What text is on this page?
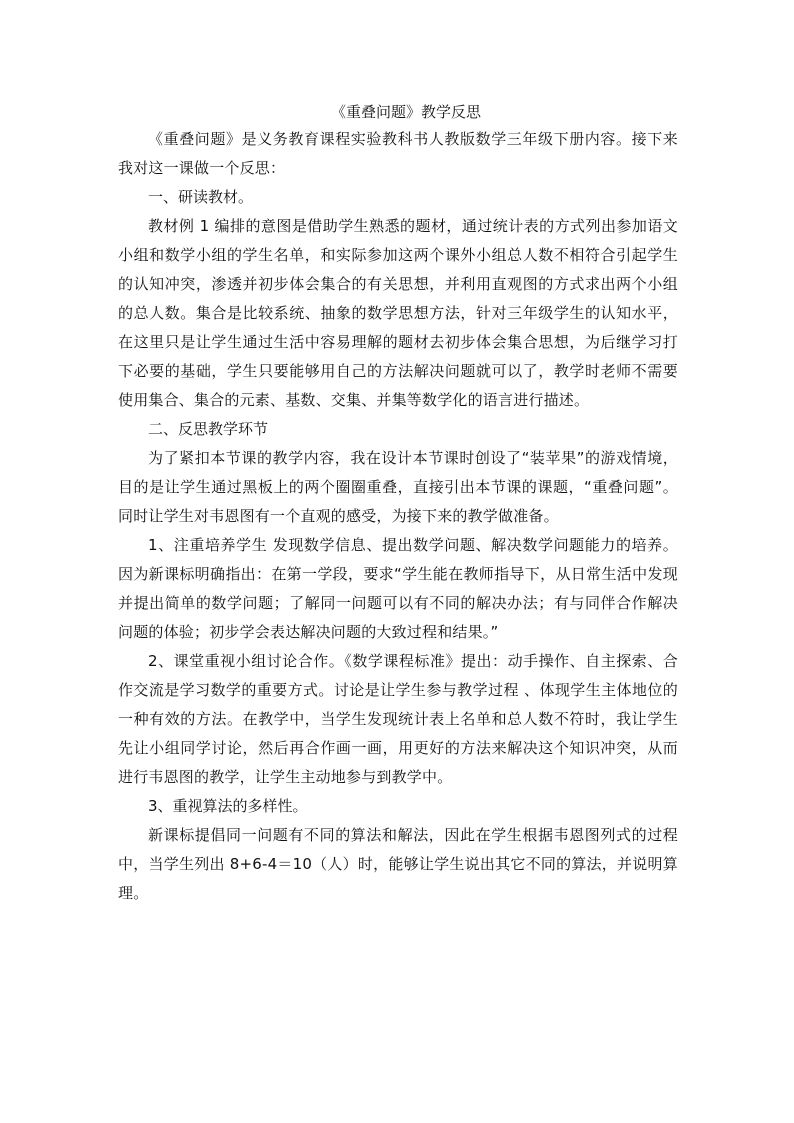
《重叠问题》教学反思

《重叠问题》是义务教育课程实验教科书人教版数学三年级下册内容。接下来我对这一课做一个反思：

一、研读教材。

教材例 1 编排的意图是借助学生熟悉的题材，通过统计表的方式列出参加语文小组和数学小组的学生名单，和实际参加这两个课外小组总人数不相符合引起学生的认知冲突，渗透并初步体会集合的有关思想，并利用直观图的方式求出两个小组的总人数。集合是比较系统、抽象的数学思想方法，针对三年级学生的认知水平，在这里只是让学生通过生活中容易理解的题材去初步体会集合思想，为后继学习打下必要的基础，学生只要能够用自己的方法解决问题就可以了，教学时老师不需要使用集合、集合的元素、基数、交集、并集等数学化的语言进行描述。

二、反思教学环节

为了紧扣本节课的教学内容，我在设计本节课时创设了“装苹果”的游戏情境，目的是让学生通过黑板上的两个圈圈重叠，直接引出本节课的课题，“重叠问题”。同时让学生对韦恩图有一个直观的感受，为接下来的教学做准备。

1、注重培养学生 发现数学信息、提出数学问题、解决数学问题能力的培养。因为新课标明确指出：在第一学段，要求“学生能在教师指导下，从日常生活中发现并提出简单的数学问题；了解同一问题可以有不同的解决办法；有与同伴合作解决问题的体验；初步学会表达解决问题的大致过程和结果。”

2、课堂重视小组讨论合作。《数学课程标准》提出：动手操作、自主探索、合作交流是学习数学的重要方式。讨论是让学生参与教学过程 、体现学生主体地位的一种有效的方法。在教学中，当学生发现统计表上名单和总人数不符时，我让学生先让小组同学讨论，然后再合作画一画，用更好的方法来解决这个知识冲突，从而进行韦恩图的教学，让学生主动地参与到教学中。

3、重视算法的多样性。

新课标提倡同一问题有不同的算法和解法，因此在学生根据韦恩图列式的过程中，当学生列出 8+6-4＝10（人）时，能够让学生说出其它不同的算法，并说明算理。
